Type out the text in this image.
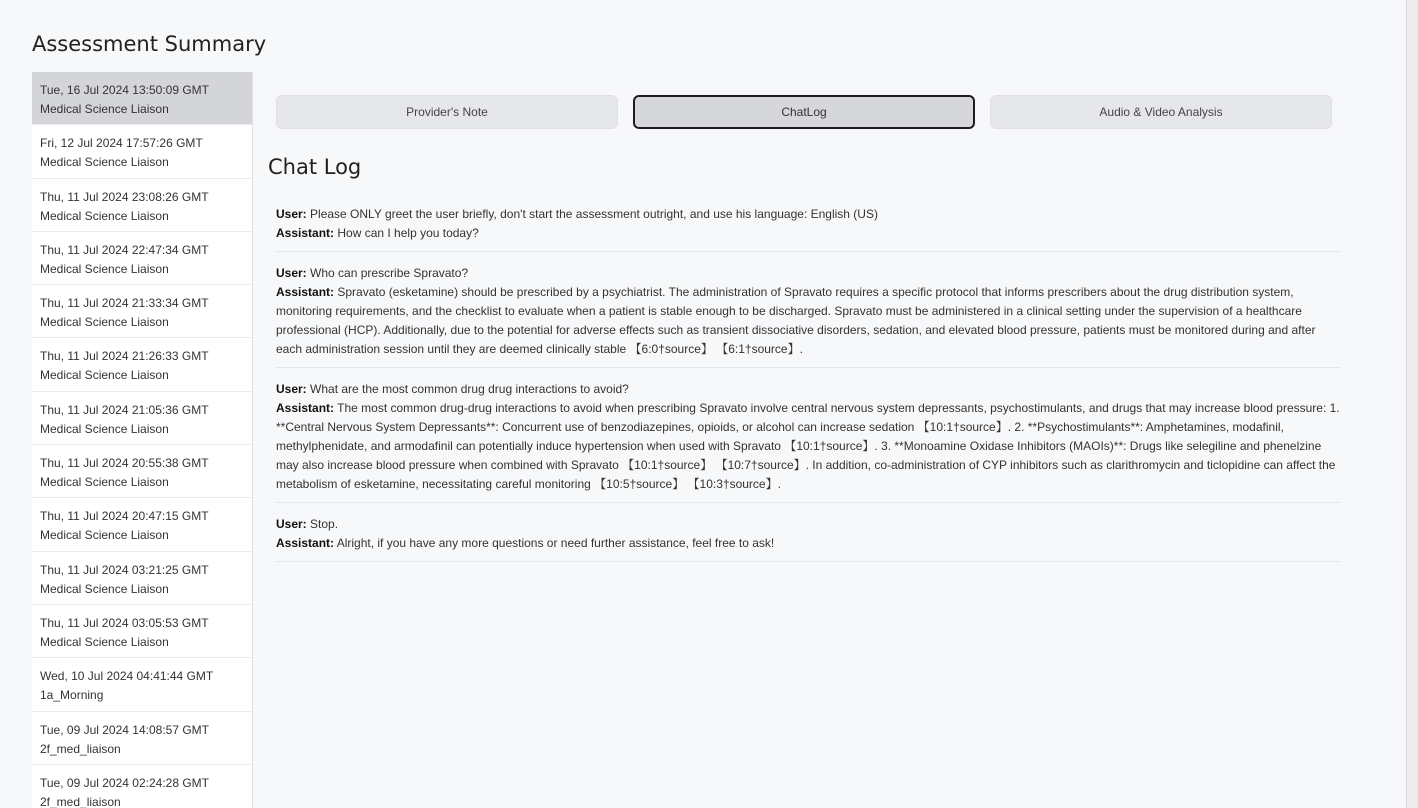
Assessment Summary
Tue, 16 Jul 2024 13:50:09 GMT
Medical Science Liaison
Fri, 12 Jul 2024 17:57:26 GMT
Medical Science Liaison
Thu, 11 Jul 2024 23:08:26 GMT
Medical Science Liaison
Thu, 11 Jul 2024 22:47:34 GMT
Medical Science Liaison
Thu, 11 Jul 2024 21:33:34 GMT
Medical Science Liaison
Thu, 11 Jul 2024 21:26:33 GMT
Medical Science Liaison
Thu, 11 Jul 2024 21:05:36 GMT
Medical Science Liaison
Thu, 11 Jul 2024 20:55:38 GMT
Medical Science Liaison
Thu, 11 Jul 2024 20:47:15 GMT
Medical Science Liaison
Thu, 11 Jul 2024 03:21:25 GMT
Medical Science Liaison
Thu, 11 Jul 2024 03:05:53 GMT
Medical Science Liaison
Wed, 10 Jul 2024 04:41:44 GMT
1a_Morning
Tue, 09 Jul 2024 14:08:57 GMT
2f_med_liaison
Tue, 09 Jul 2024 02:24:28 GMT
2f_med_liaison
Provider's Note	ChatLog	Audio & Video Analysis
Chat Log
User: Please ONLY greet the user briefly, don't start the assessment outright, and use his language: English (US)
Assistant: How can I help you today?
User: Who can prescribe Spravato?
Assistant: Spravato (esketamine) should be prescribed by a psychiatrist. The administration of Spravato requires a specific protocol that informs prescribers about the drug distribution system, monitoring requirements, and the checklist to evaluate when a patient is stable enough to be discharged. Spravato must be administered in a clinical setting under the supervision of a healthcare professional (HCP). Additionally, due to the potential for adverse effects such as transient dissociative disorders, sedation, and elevated blood pressure, patients must be monitored during and after each administration session until they are deemed clinically stable 【6:0†source】 【6:1†source】.
User: What are the most common drug drug interactions to avoid?
Assistant: The most common drug-drug interactions to avoid when prescribing Spravato involve central nervous system depressants, psychostimulants, and drugs that may increase blood pressure: 1. **Central Nervous System Depressants**: Concurrent use of benzodiazepines, opioids, or alcohol can increase sedation 【10:1†source】. 2. **Psychostimulants**: Amphetamines, modafinil, methylphenidate, and armodafinil can potentially induce hypertension when used with Spravato 【10:1†source】. 3. **Monoamine Oxidase Inhibitors (MAOIs)**: Drugs like selegiline and phenelzine may also increase blood pressure when combined with Spravato 【10:1†source】 【10:7†source】. In addition, co-administration of CYP inhibitors such as clarithromycin and ticlopidine can affect the metabolism of esketamine, necessitating careful monitoring 【10:5†source】 【10:3†source】.
User: Stop.
Assistant: Alright, if you have any more questions or need further assistance, feel free to ask!
